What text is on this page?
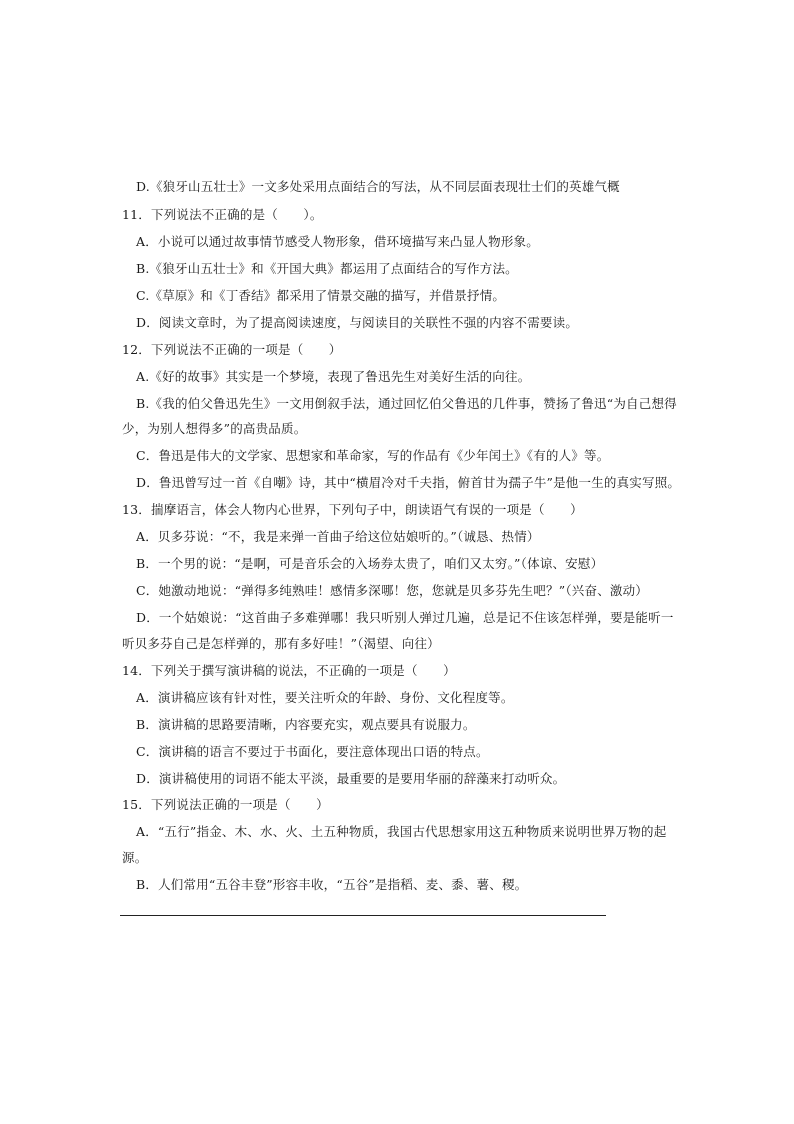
D.《狼牙山五壮士》一文多处采用点面结合的写法，从不同层面表现壮士们的英雄气概
11．下列说法不正确的是（　　）。
A．小说可以通过故事情节感受人物形象，借环境描写来凸显人物形象。
B.《狼牙山五壮士》和《开国大典》都运用了点面结合的写作方法。
C.《草原》和《丁香结》都采用了情景交融的描写，并借景抒情。
D．阅读文章时，为了提高阅读速度，与阅读目的关联性不强的内容不需要读。
12．下列说法不正确的一项是（　　）
A.《好的故事》其实是一个梦境，表现了鲁迅先生对美好生活的向往。
B.《我的伯父鲁迅先生》一文用倒叙手法，通过回忆伯父鲁迅的几件事，赞扬了鲁迅“为自己想得
少，为别人想得多”的高贵品质。
C．鲁迅是伟大的文学家、思想家和革命家，写的作品有《少年闰土》《有的人》等。
D．鲁迅曾写过一首《自嘲》诗，其中“横眉冷对千夫指，俯首甘为孺子牛”是他一生的真实写照。
13．揣摩语言，体会人物内心世界，下列句子中，朗读语气有误的一项是（　　）
A．贝多芬说：“不，我是来弹一首曲子给这位姑娘听的。”（诚恳、热情）
B．一个男的说：“是啊，可是音乐会的入场券太贵了，咱们又太穷。”（体谅、安慰）
C．她激动地说：“弹得多纯熟哇！感情多深哪！您，您就是贝多芬先生吧？”（兴奋、激动）
D．一个姑娘说：“这首曲子多难弹哪！我只听别人弹过几遍，总是记不住该怎样弹，要是能听一
听贝多芬自己是怎样弹的，那有多好哇！”（渴望、向往）
14．下列关于撰写演讲稿的说法，不正确的一项是（　　）
A．演讲稿应该有针对性，要关注听众的年龄、身份、文化程度等。
B．演讲稿的思路要清晰，内容要充实，观点要具有说服力。
C．演讲稿的语言不要过于书面化，要注意体现出口语的特点。
D．演讲稿使用的词语不能太平淡，最重要的是要用华丽的辞藻来打动听众。
15．下列说法正确的一项是（　　）
A．“五行”指金、木、水、火、土五种物质，我国古代思想家用这五种物质来说明世界万物的起
源。
B．人们常用“五谷丰登”形容丰收，“五谷”是指稻、麦、黍、薯、稷。
